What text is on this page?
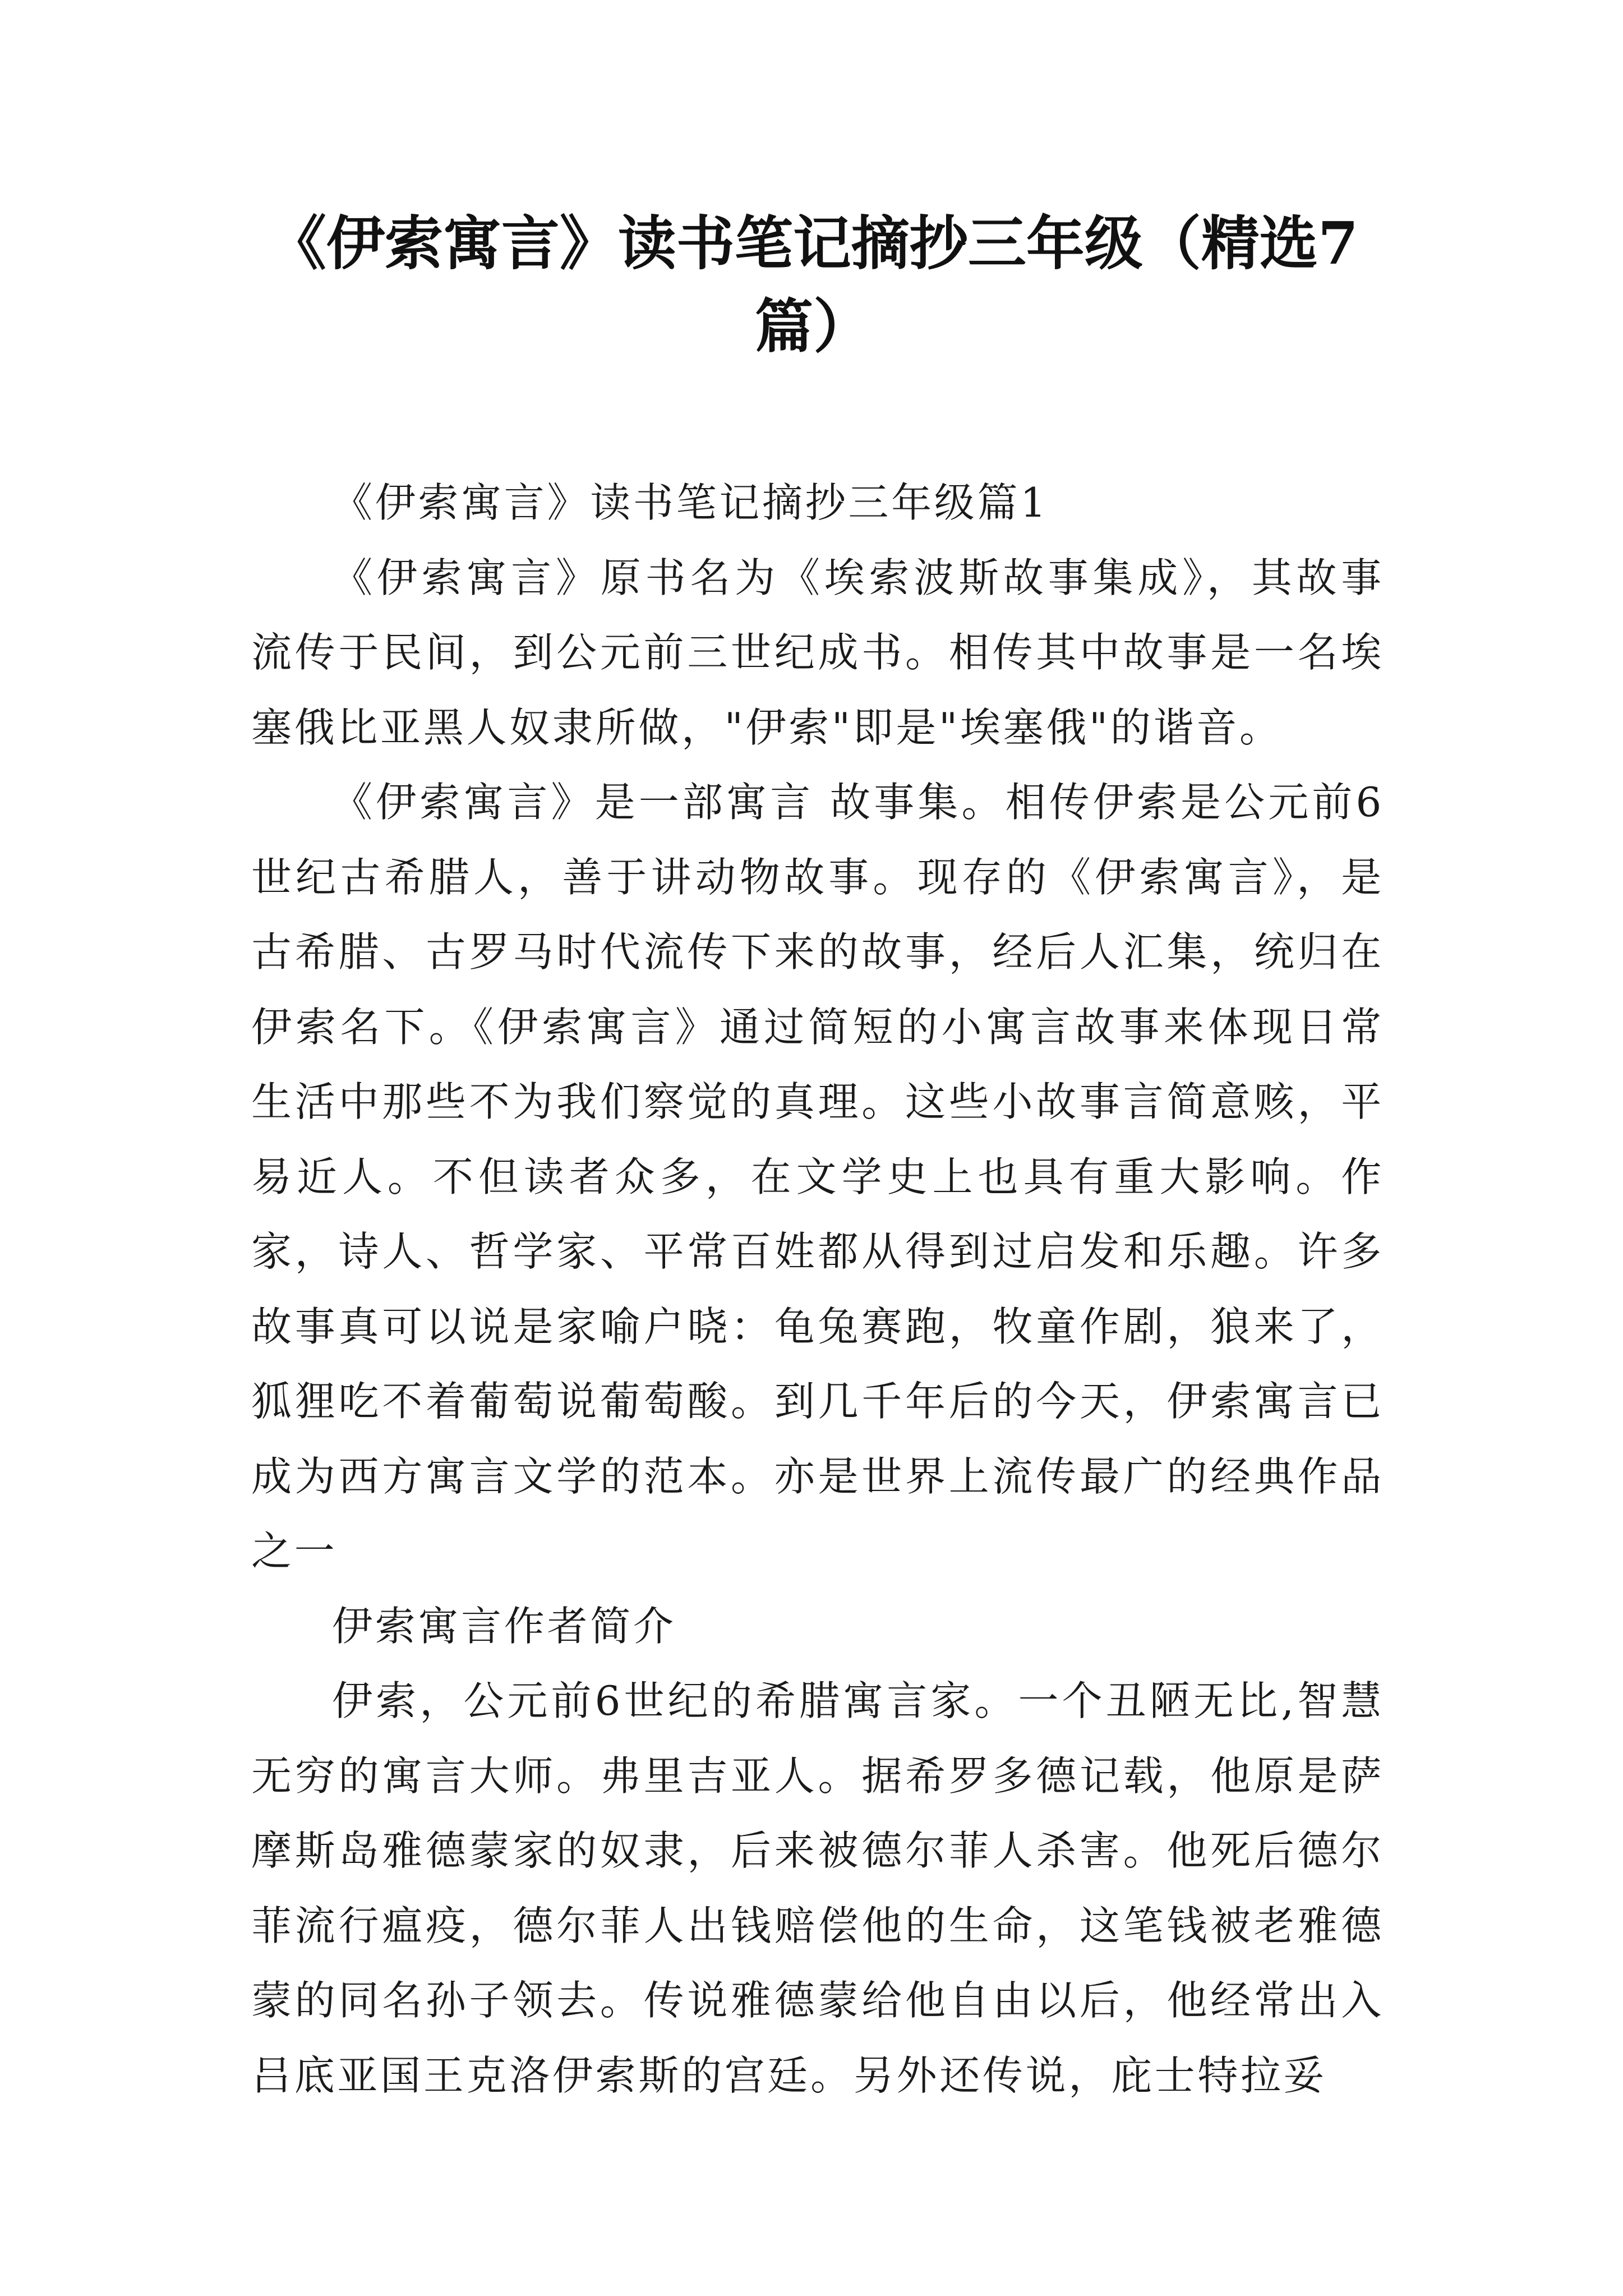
《伊索寓言》读书笔记摘抄三年级（精选7篇）

《伊索寓言》读书笔记摘抄三年级篇1

《伊索寓言》原书名为《埃索波斯故事集成》，其故事流传于民间，到公元前三世纪成书。相传其中故事是一名埃塞俄比亚黑人奴隶所做，"伊索"即是"埃塞俄"的谐音。

《伊索寓言》是一部寓言 故事集。相传伊索是公元前6世纪古希腊人，善于讲动物故事。现存的《伊索寓言》，是古希腊、古罗马时代流传下来的故事，经后人汇集，统归在伊索名下。《伊索寓言》通过简短的小寓言故事来体现日常生活中那些不为我们察觉的真理。这些小故事言简意赅，平易近人。不但读者众多，在文学史上也具有重大影响。作家，诗人、哲学家、平常百姓都从得到过启发和乐趣。许多故事真可以说是家喻户晓：龟兔赛跑，牧童作剧，狼来了，狐狸吃不着葡萄说葡萄酸。到几千年后的今天，伊索寓言已成为西方寓言文学的范本。亦是世界上流传最广的经典作品之一

伊索寓言作者简介

伊索，公元前6世纪的希腊寓言家。一个丑陋无比,智慧无穷的寓言大师。弗里吉亚人。据希罗多德记载，他原是萨摩斯岛雅德蒙家的奴隶，后来被德尔菲人杀害。他死后德尔菲流行瘟疫，德尔菲人出钱赔偿他的生命，这笔钱被老雅德蒙的同名孙子领去。传说雅德蒙给他自由以后，他经常出入吕底亚国王克洛伊索斯的宫廷。另外还传说，庇士特拉妥
